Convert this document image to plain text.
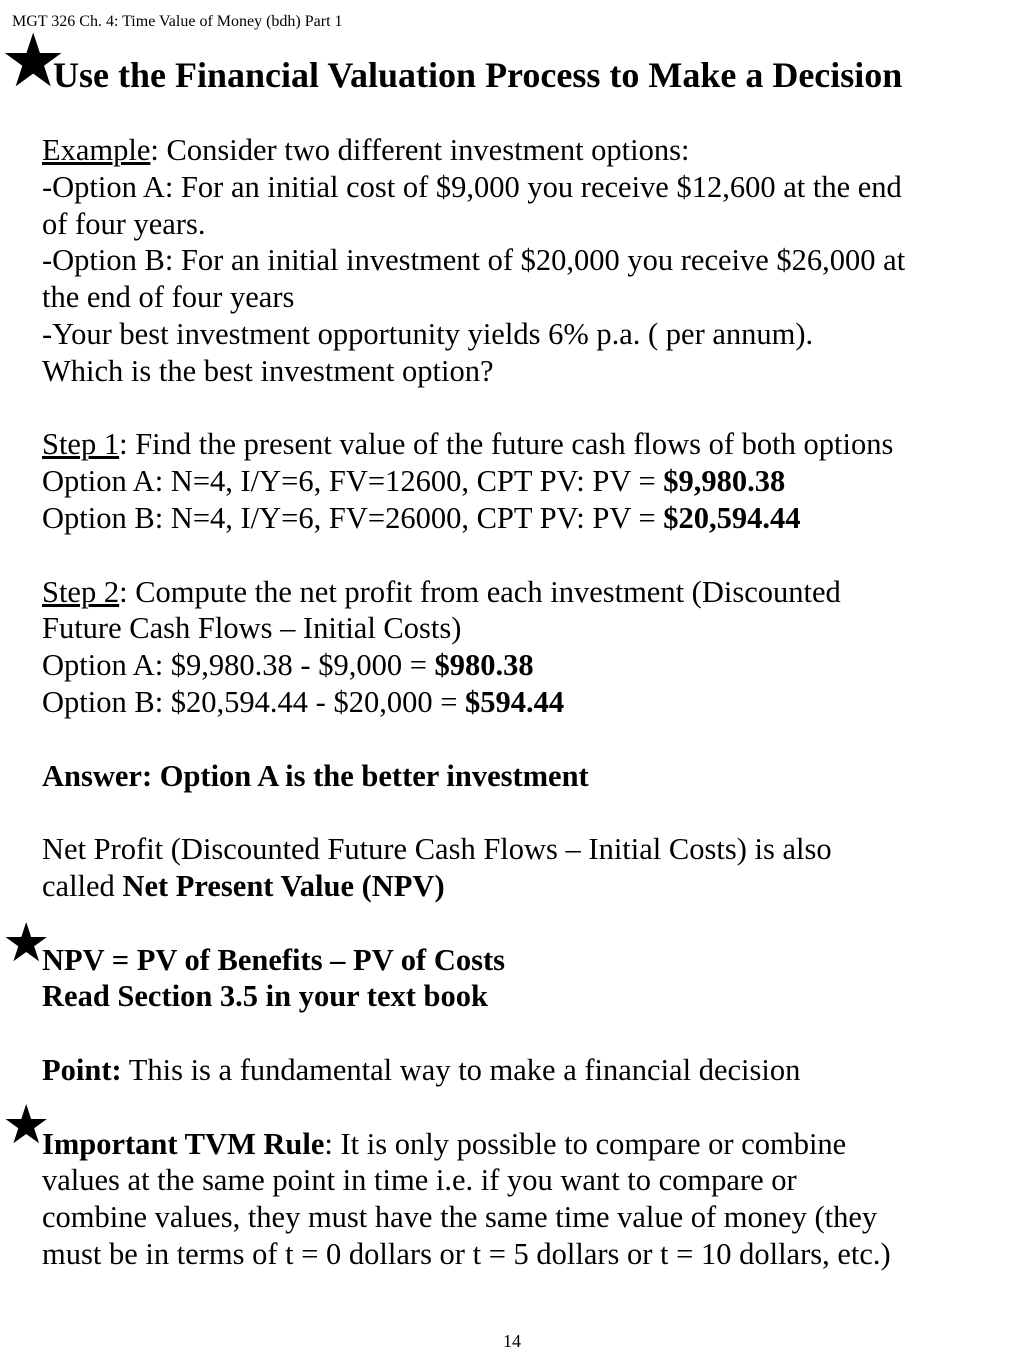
MGT 326 Ch. 4: Time Value of Money (bdh) Part 1
★
★
★
Use the Financial Valuation Process to Make a Decision
Example: Consider two different investment options:
-Option A: For an initial cost of $9,000 you receive $12,600 at the end
of four years.
-Option B: For an initial investment of $20,000 you receive $26,000 at
the end of four years
-Your best investment opportunity yields 6% p.a. ( per annum).
Which is the best investment option?
Step 1: Find the present value of the future cash flows of both options
Option A: N=4, I/Y=6, FV=12600, CPT PV: PV = $9,980.38
Option B: N=4, I/Y=6, FV=26000, CPT PV: PV = $20,594.44
Step 2: Compute the net profit from each investment (Discounted
Future Cash Flows – Initial Costs)
Option A: $9,980.38 - $9,000 = $980.38
Option B: $20,594.44 - $20,000 = $594.44
Answer: Option A is the better investment
Net Profit (Discounted Future Cash Flows – Initial Costs) is also
called Net Present Value (NPV)
NPV = PV of Benefits – PV of Costs
Read Section 3.5 in your text book
Point: This is a fundamental way to make a financial decision
Important TVM Rule: It is only possible to compare or combine
values at the same point in time i.e. if you want to compare or
combine values, they must have the same time value of money (they
must be in terms of t = 0 dollars or t = 5 dollars or t = 10 dollars, etc.)
14
